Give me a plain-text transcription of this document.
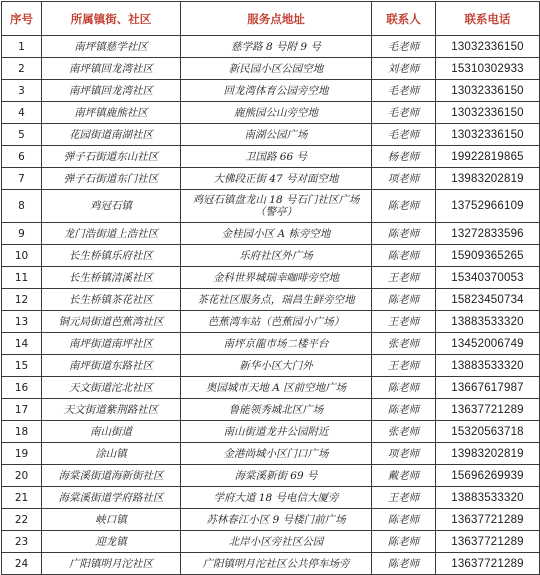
序号	所属镇街、社区	服务点地址	联系人	联系电话
1	南坪镇慈学社区	慈学路 8 号附 9 号	毛老师	13032336150
2	南坪镇回龙湾社区	新民园小区公园空地	刘老师	15310302933
3	南坪镇回龙湾社区	回龙湾体育公园旁空地	毛老师	13032336150
4	南坪镇鹿熊社区	鹿熊园公山旁空地	毛老师	13032336150
5	花园街道南湖社区	南湖公园广场	毛老师	13032336150
6	弹子石街道东山社区	卫国路 66 号	杨老师	19922819865
7	弹子石街道东门社区	大佛段正街 47 号对面空地	项老师	13983202819
8	鸡冠石镇	鸡冠石镇盘龙山 18 号石门社区广场（警亭）	陈老师	13752966109
9	龙门浩街道上浩社区	金桂园小区 A 栋旁空地	陈老师	13272833596
10	长生桥镇乐府社区	乐府社区外广场	陈老师	15909365265
11	长生桥镇清溪社区	金科世界城瑞幸咖啡旁空地	王老师	15340370053
12	长生桥镇茶花社区	茶花社区服务点，瑞昌生鲜旁空地	陈老师	15823450734
13	铜元局街道芭蕉湾社区	芭蕉湾车站（芭蕉园小广场）	王老师	13883533320
14	南坪街道南坪社区	南坪京龍市场二楼平台	张老师	13452006749
15	南坪街道东路社区	新华小区大门外	王老师	13883533320
16	天文街道沱北社区	奥园城市天地 A 区前空地广场	陈老师	13667617987
17	天文街道紫荆路社区	鲁能领秀城北区广场	陈老师	13637721289
18	南山街道	南山街道龙井公园附近	张老师	15320563718
19	涂山镇	金港尚城小区门口广场	项老师	13983202819
20	海棠溪街道海新街社区	海棠溪新街 69 号	戴老师	15696269939
21	海棠溪街道学府路社区	学府大道 18 号电信大厦旁	王老师	13883533320
22	峡口镇	苏林春江小区 9 号楼门前广场	陈老师	13637721289
23	迎龙镇	北岸小区旁社区公园	陈老师	13637721289
24	广阳镇明月沱社区	广阳镇明月沱社区公共停车场旁	陈老师	13637721289
